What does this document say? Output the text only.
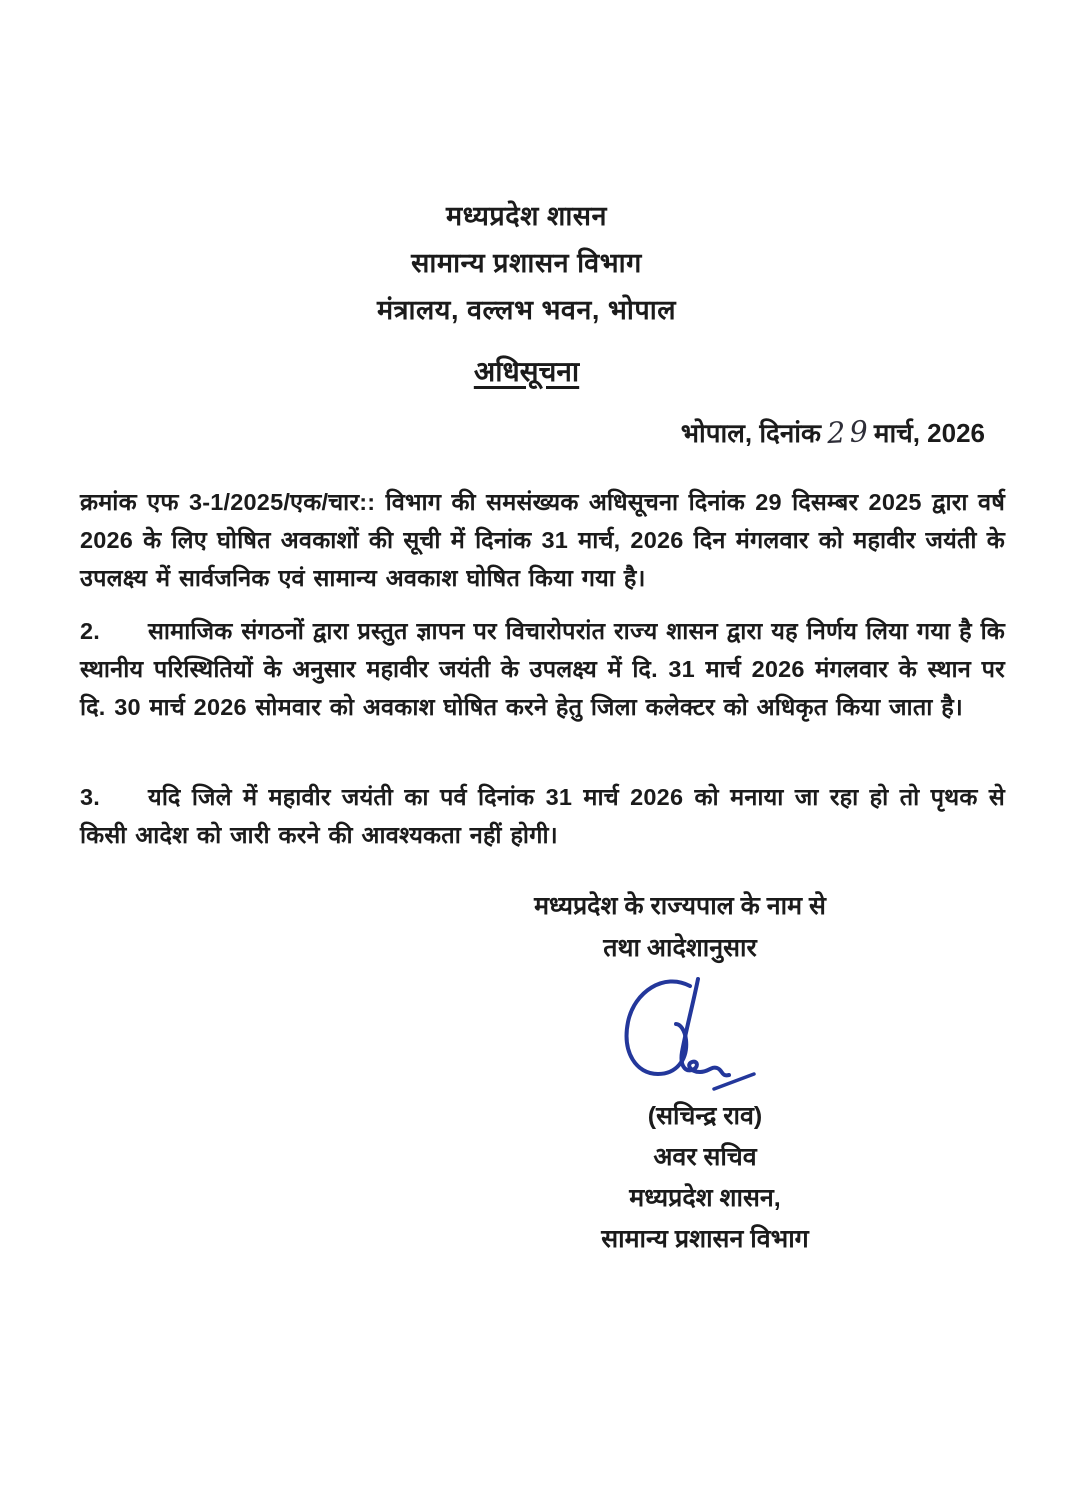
मध्यप्रदेश शासन
सामान्य प्रशासन विभाग
मंत्रालय, वल्लभ भवन, भोपाल
अधिसूचना
भोपाल, दिनांक 29मार्च, 2026
क्रमांक एफ 3-1/2025/एक/चार:: विभाग की समसंख्यक अधिसूचना दिनांक 29 दिसम्बर 2025 द्वारा वर्ष 2026 के लिए घोषित अवकाशों की सूची में दिनांक 31 मार्च, 2026 दिन मंगलवार को महावीर जयंती के उपलक्ष्य में सार्वजनिक एवं सामान्य अवकाश घोषित किया गया है।
2. सामाजिक संगठनों द्वारा प्रस्तुत ज्ञापन पर विचारोपरांत राज्य शासन द्वारा यह निर्णय लिया गया है कि स्थानीय परिस्थितियों के अनुसार महावीर जयंती के उपलक्ष्य में दि. 31 मार्च 2026 मंगलवार के स्थान पर दि. 30 मार्च 2026 सोमवार को अवकाश घोषित करने हेतु जिला कलेक्टर को अधिकृत किया जाता है।
3. यदि जिले में महावीर जयंती का पर्व दिनांक 31 मार्च 2026 को मनाया जा रहा हो तो पृथक से किसी आदेश को जारी करने की आवश्यकता नहीं होगी।
मध्यप्रदेश के राज्यपाल के नाम से
तथा आदेशानुसार
(सचिन्द्र राव)
अवर सचिव
मध्यप्रदेश शासन,
सामान्य प्रशासन विभाग
